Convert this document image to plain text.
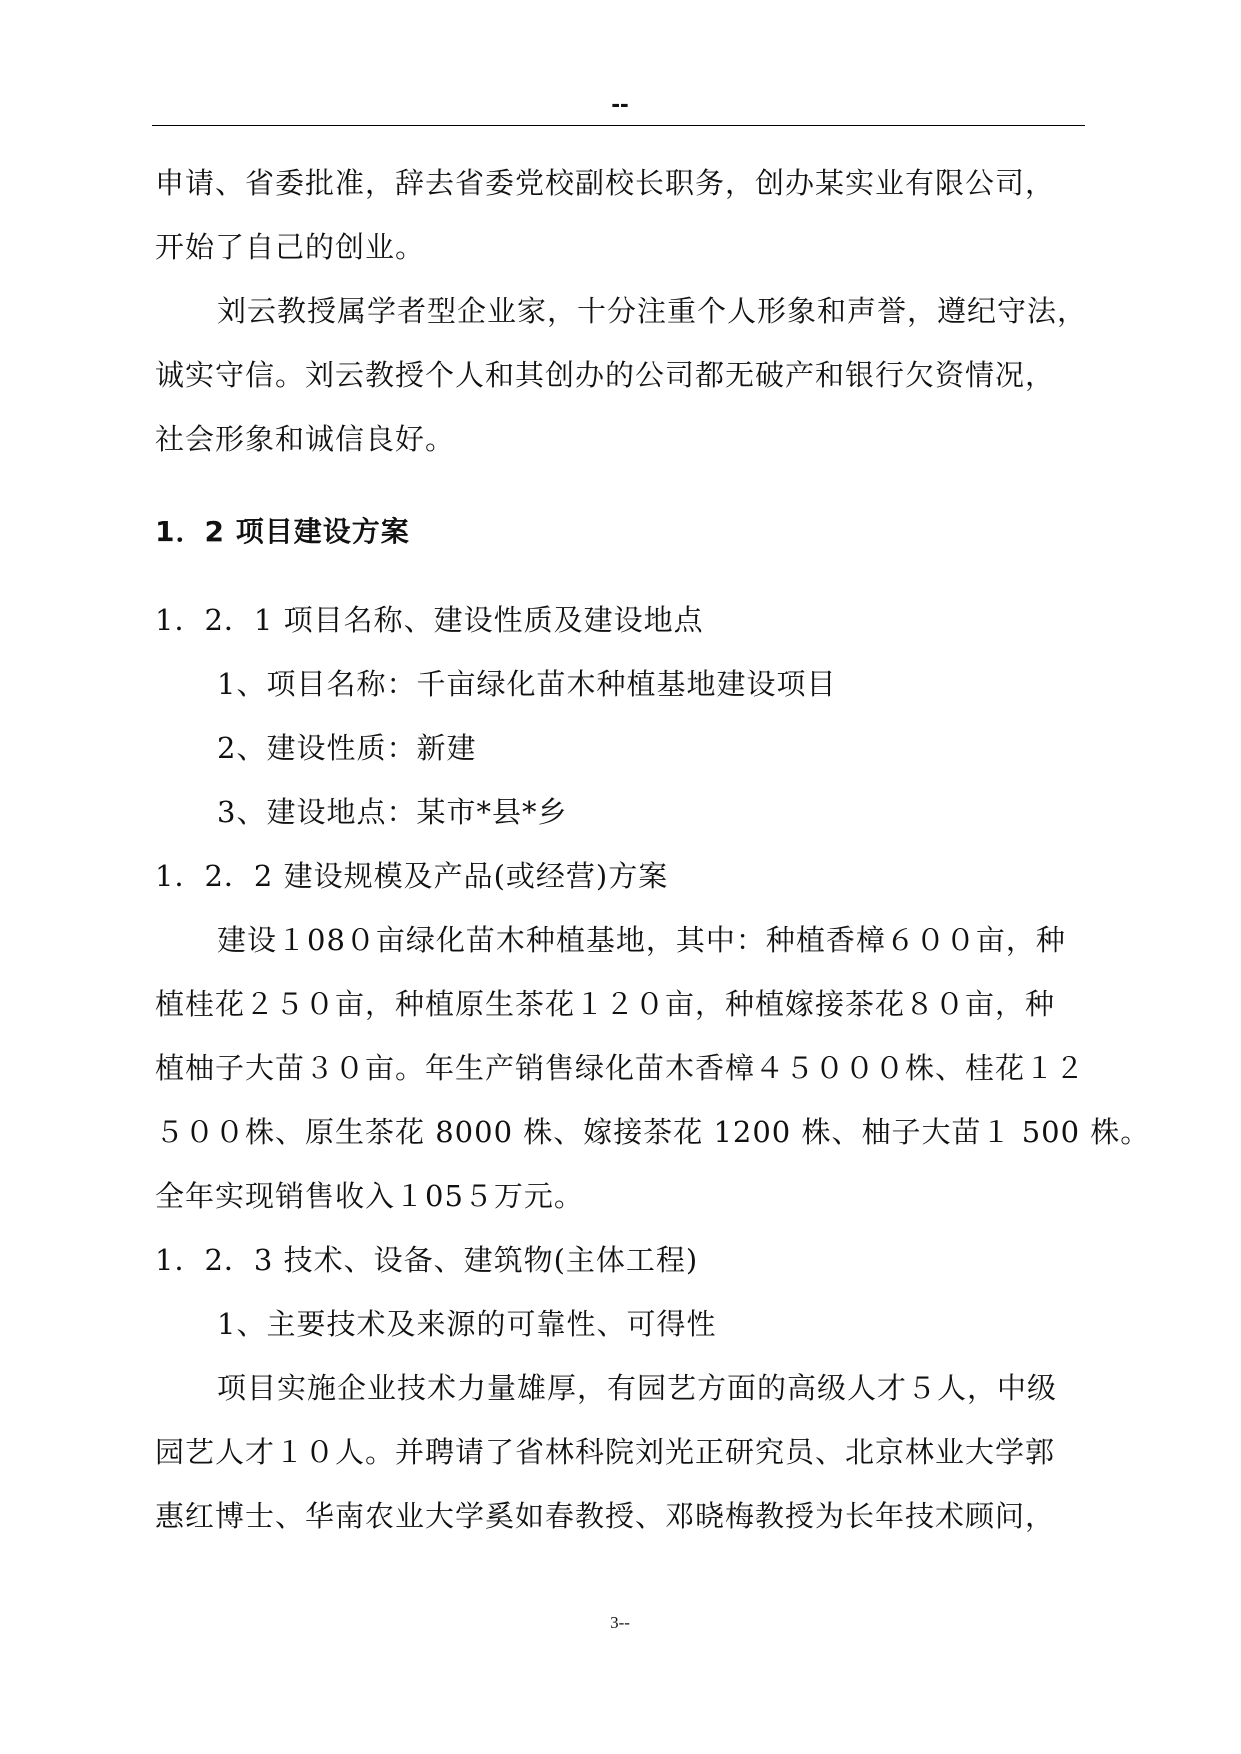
--
申请、省委批准，辞去省委党校副校长职务，创办某实业有限公司，
开始了自己的创业。
刘云教授属学者型企业家，十分注重个人形象和声誉，遵纪守法，
诚实守信。刘云教授个人和其创办的公司都无破产和银行欠资情况，
社会形象和诚信良好。
1．2 项目建设方案
1．2．1 项目名称、建设性质及建设地点
1、项目名称：千亩绿化苗木种植基地建设项目
2、建设性质：新建
3、建设地点：某市*县*乡
1．2．2 建设规模及产品(或经营)方案
建设１08０亩绿化苗木种植基地，其中：种植香樟６００亩，种
植桂花２５０亩，种植原生茶花１２０亩，种植嫁接茶花８０亩，种
植柚子大苗３０亩。年生产销售绿化苗木香樟４５０００株、桂花１２
５００株、原生茶花 8000 株、嫁接茶花 1200 株、柚子大苗１ 500 株。
全年实现销售收入１05５万元。
1．2．3 技术、设备、建筑物(主体工程)
1、主要技术及来源的可靠性、可得性
项目实施企业技术力量雄厚，有园艺方面的高级人才５人，中级
园艺人才１０人。并聘请了省林科院刘光正研究员、北京林业大学郭
惠红博士、华南农业大学奚如春教授、邓晓梅教授为长年技术顾问，
3--
